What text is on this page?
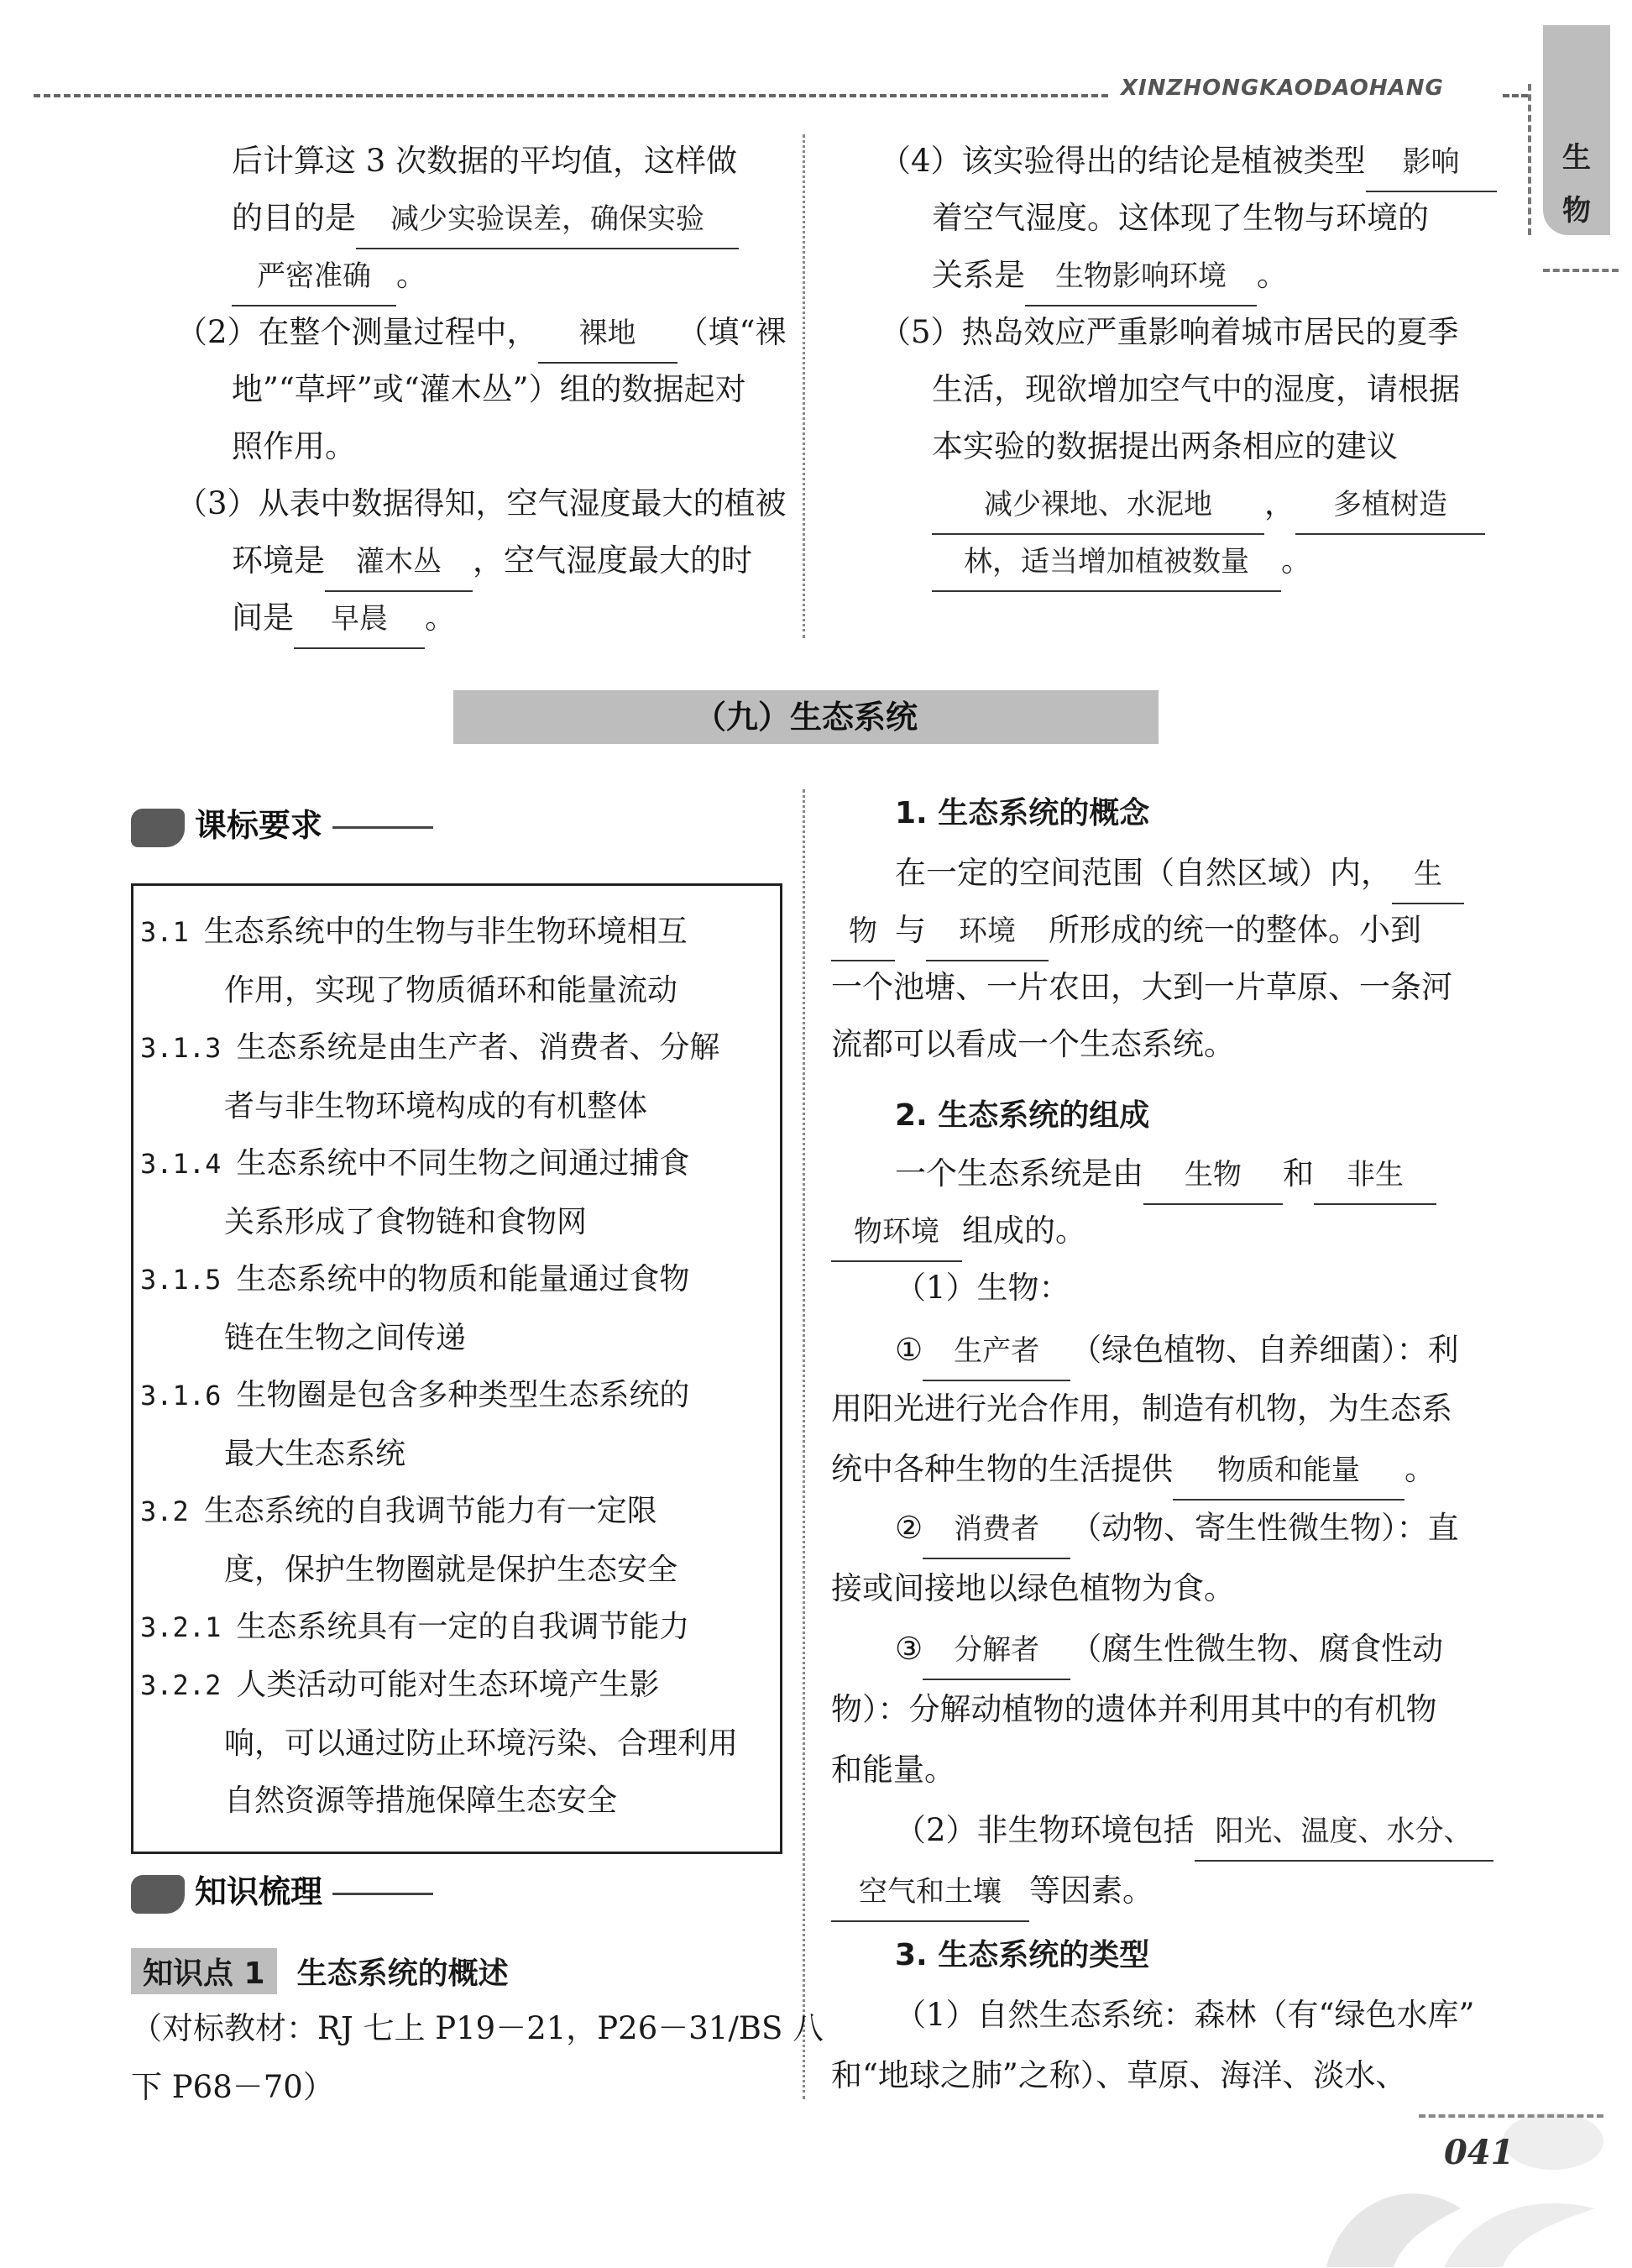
XINZHONGKAODAOHANG
生
物
后计算这 3 次数据的平均值，这样做
的目的是 减少实验误差，确保实验
严密准确 。
（2）在整个测量过程中， 裸地 （填“裸
地”“草坪”或“灌木丛”）组的数据起对
照作用。
（3）从表中数据得知，空气湿度最大的植被
环境是 灌木丛 ，空气湿度最大的时
间是 早晨 。
（4）该实验得出的结论是植被类型 影响
着空气湿度。这体现了生物与环境的
关系是 生物影响环境 。
（5）热岛效应严重影响着城市居民的夏季
生活，现欲增加空气中的湿度，请根据
本实验的数据提出两条相应的建议
减少裸地、水泥地 ， 多植树造
林，适当增加植被数量 。
（九）生态系统
课标要求
3.1 生态系统中的生物与非生物环境相互
作用，实现了物质循环和能量流动
3.1.3 生态系统是由生产者、消费者、分解
者与非生物环境构成的有机整体
3.1.4 生态系统中不同生物之间通过捕食
关系形成了食物链和食物网
3.1.5 生态系统中的物质和能量通过食物
链在生物之间传递
3.1.6 生物圈是包含多种类型生态系统的
最大生态系统
3.2 生态系统的自我调节能力有一定限
度，保护生物圈就是保护生态安全
3.2.1 生态系统具有一定的自我调节能力
3.2.2 人类活动可能对生态环境产生影
响，可以通过防止环境污染、合理利用
自然资源等措施保障生态安全
知识梳理
知识点 1 生态系统的概述
（对标教材：RJ 七上 P19－21，P26－31/BS 八
下 P68－70）
1. 生态系统的概念
在一定的空间范围（自然区域）内， 生
物 与 环境 所形成的统一的整体。小到
一个池塘、一片农田，大到一片草原、一条河
流都可以看成一个生态系统。
2. 生态系统的组成
一个生态系统是由 生物 和 非生
物环境 组成的。
（1）生物：
① 生产者 （绿色植物、自养细菌）：利
用阳光进行光合作用，制造有机物，为生态系
统中各种生物的生活提供 物质和能量 。
② 消费者 （动物、寄生性微生物）：直
接或间接地以绿色植物为食。
③ 分解者 （腐生性微生物、腐食性动
物）：分解动植物的遗体并利用其中的有机物
和能量。
（2）非生物环境包括 阳光、温度、水分、
空气和土壤 等因素。
3. 生态系统的类型
（1）自然生态系统：森林（有“绿色水库”
和“地球之肺”之称）、草原、海洋、淡水、
041
